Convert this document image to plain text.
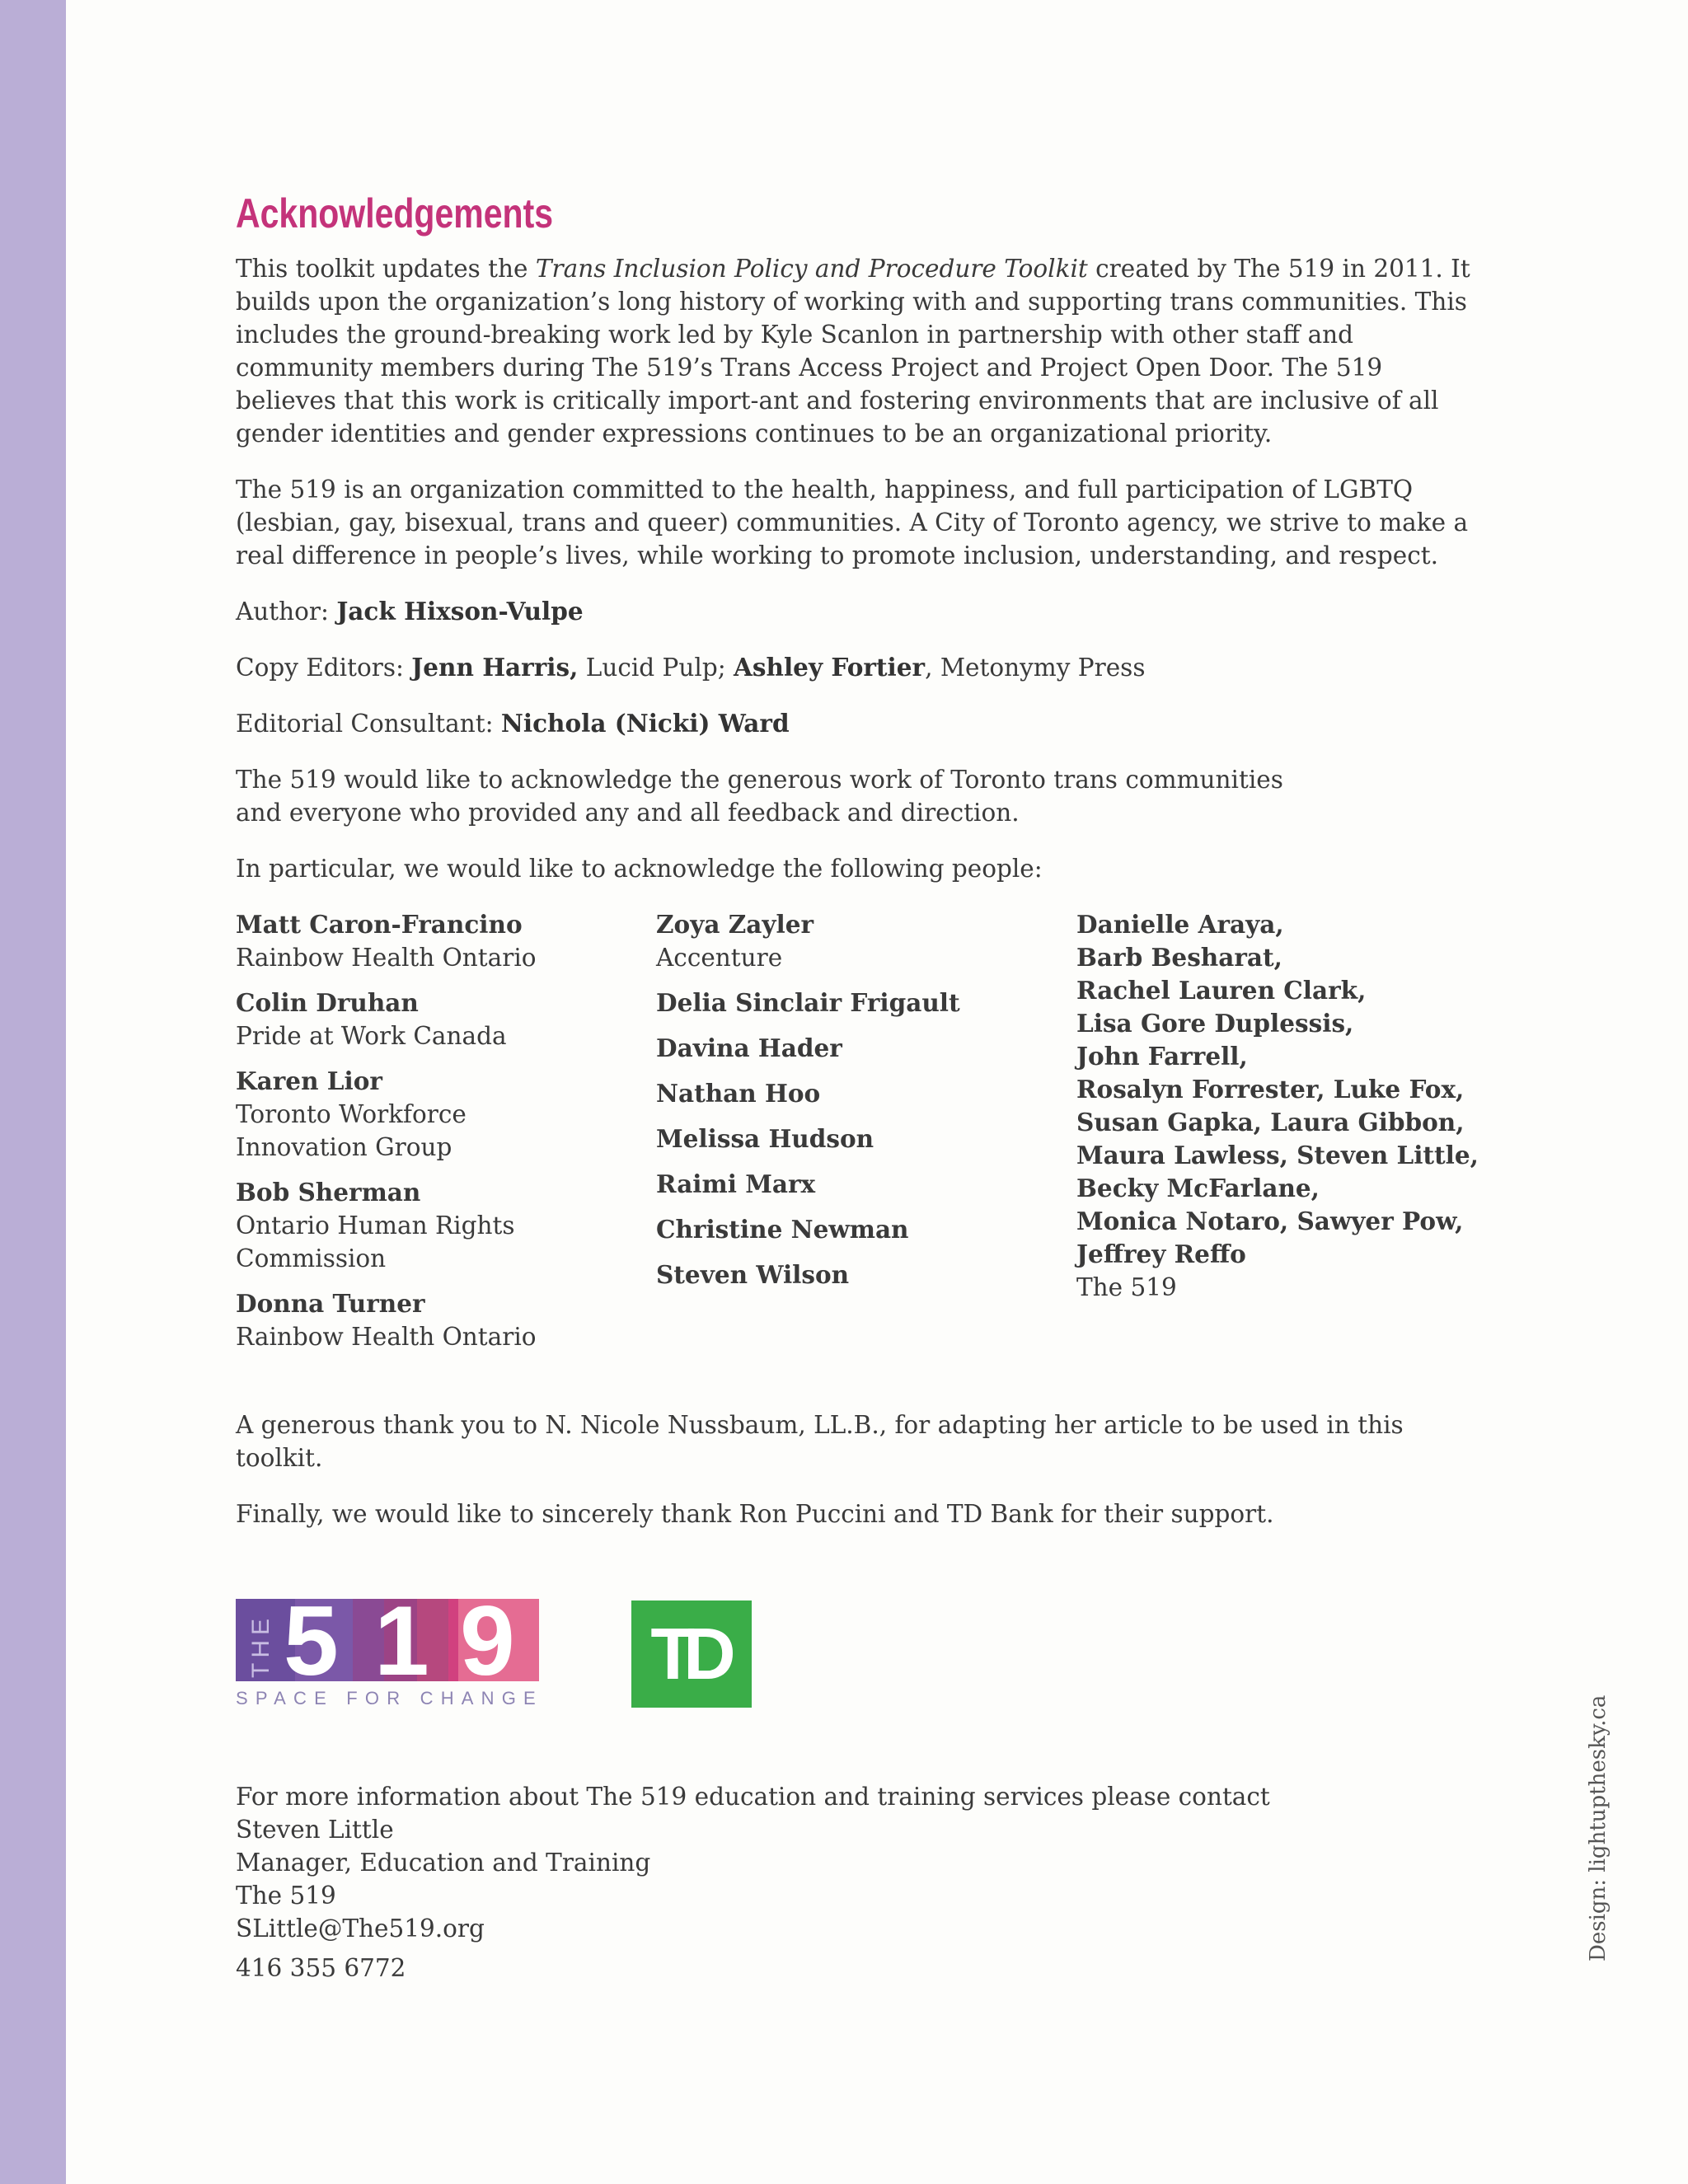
Acknowledgements

This toolkit updates the Trans Inclusion Policy and Procedure Toolkit created by The 519 in 2011. It builds upon the organization’s long history of working with and supporting trans communities. This includes the ground-breaking work led by Kyle Scanlon in partnership with other staff and community members during The 519’s Trans Access Project and Project Open Door. The 519 believes that this work is critically import-ant and fostering environments that are inclusive of all gender identities and gender expressions continues to be an organizational priority.

The 519 is an organization committed to the health, happiness, and full participation of LGBTQ (lesbian, gay, bisexual, trans and queer) communities. A City of Toronto agency, we strive to make a real difference in people’s lives, while working to promote inclusion, understanding, and respect.

Author: Jack Hixson-Vulpe

Copy Editors: Jenn Harris, Lucid Pulp; Ashley Fortier, Metonymy Press

Editorial Consultant: Nichola (Nicki) Ward

The 519 would like to acknowledge the generous work of Toronto trans communities and everyone who provided any and all feedback and direction.

In particular, we would like to acknowledge the following people:

Matt Caron-Francino
Rainbow Health Ontario
Colin Druhan
Pride at Work Canada
Karen Lior
Toronto Workforce Innovation Group
Bob Sherman
Ontario Human Rights Commission
Donna Turner
Rainbow Health Ontario
Zoya Zayler
Accenture
Delia Sinclair Frigault
Davina Hader
Nathan Hoo
Melissa Hudson
Raimi Marx
Christine Newman
Steven Wilson
Danielle Araya,
Barb Besharat,
Rachel Lauren Clark,
Lisa Gore Duplessis,
John Farrell,
Rosalyn Forrester, Luke Fox,
Susan Gapka, Laura Gibbon,
Maura Lawless, Steven Little,
Becky McFarlane,
Monica Notaro, Sawyer Pow,
Jeffrey Reffo
The 519

A generous thank you to N. Nicole Nussbaum, LL.B., for adapting her article to be used in this toolkit.

Finally, we would like to sincerely thank Ron Puccini and TD Bank for their support.

THE 5 1 9
SPACE FOR CHANGE
TD
For more information about The 519 education and training services please contact
Steven Little
Manager, Education and Training
The 519
SLittle@The519.org
416 355 6772
Design: lightupthesky.ca
